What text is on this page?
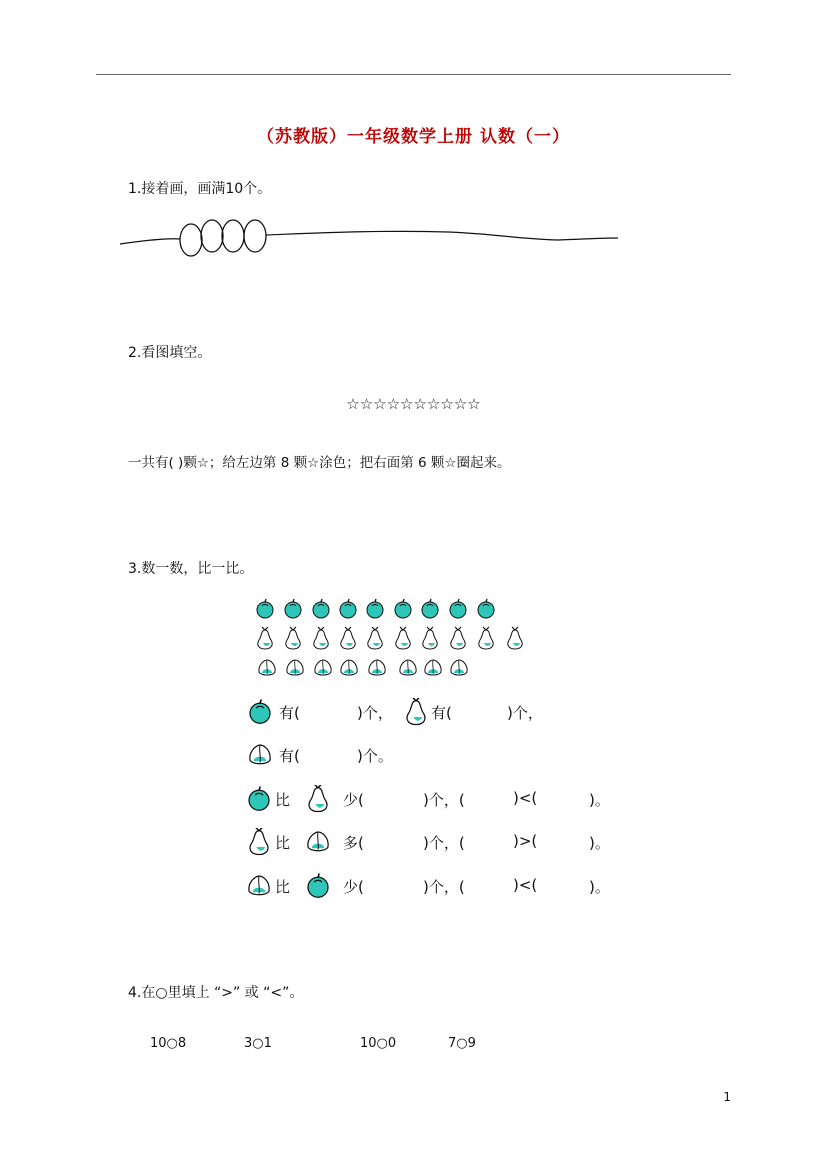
（苏教版）一年级数学上册 认数（一）
1.接着画，画满10个。
2.看图填空。
☆☆☆☆☆☆☆☆☆☆
一共有( )颗☆；给左边第 8 颗☆涂色；把右面第 6 颗☆圈起来。
3.数一数，比一比。
有(	)个，	有(	)个，
有(	)个。
比	少(	)个，(	)<(	)。
比	多(	)个，(	)>(	)。
比	少(	)个，(	)<(	)。
4.在○里填上 “>” 或 “<”。
10○8	3○1	10○0	7○9
1
